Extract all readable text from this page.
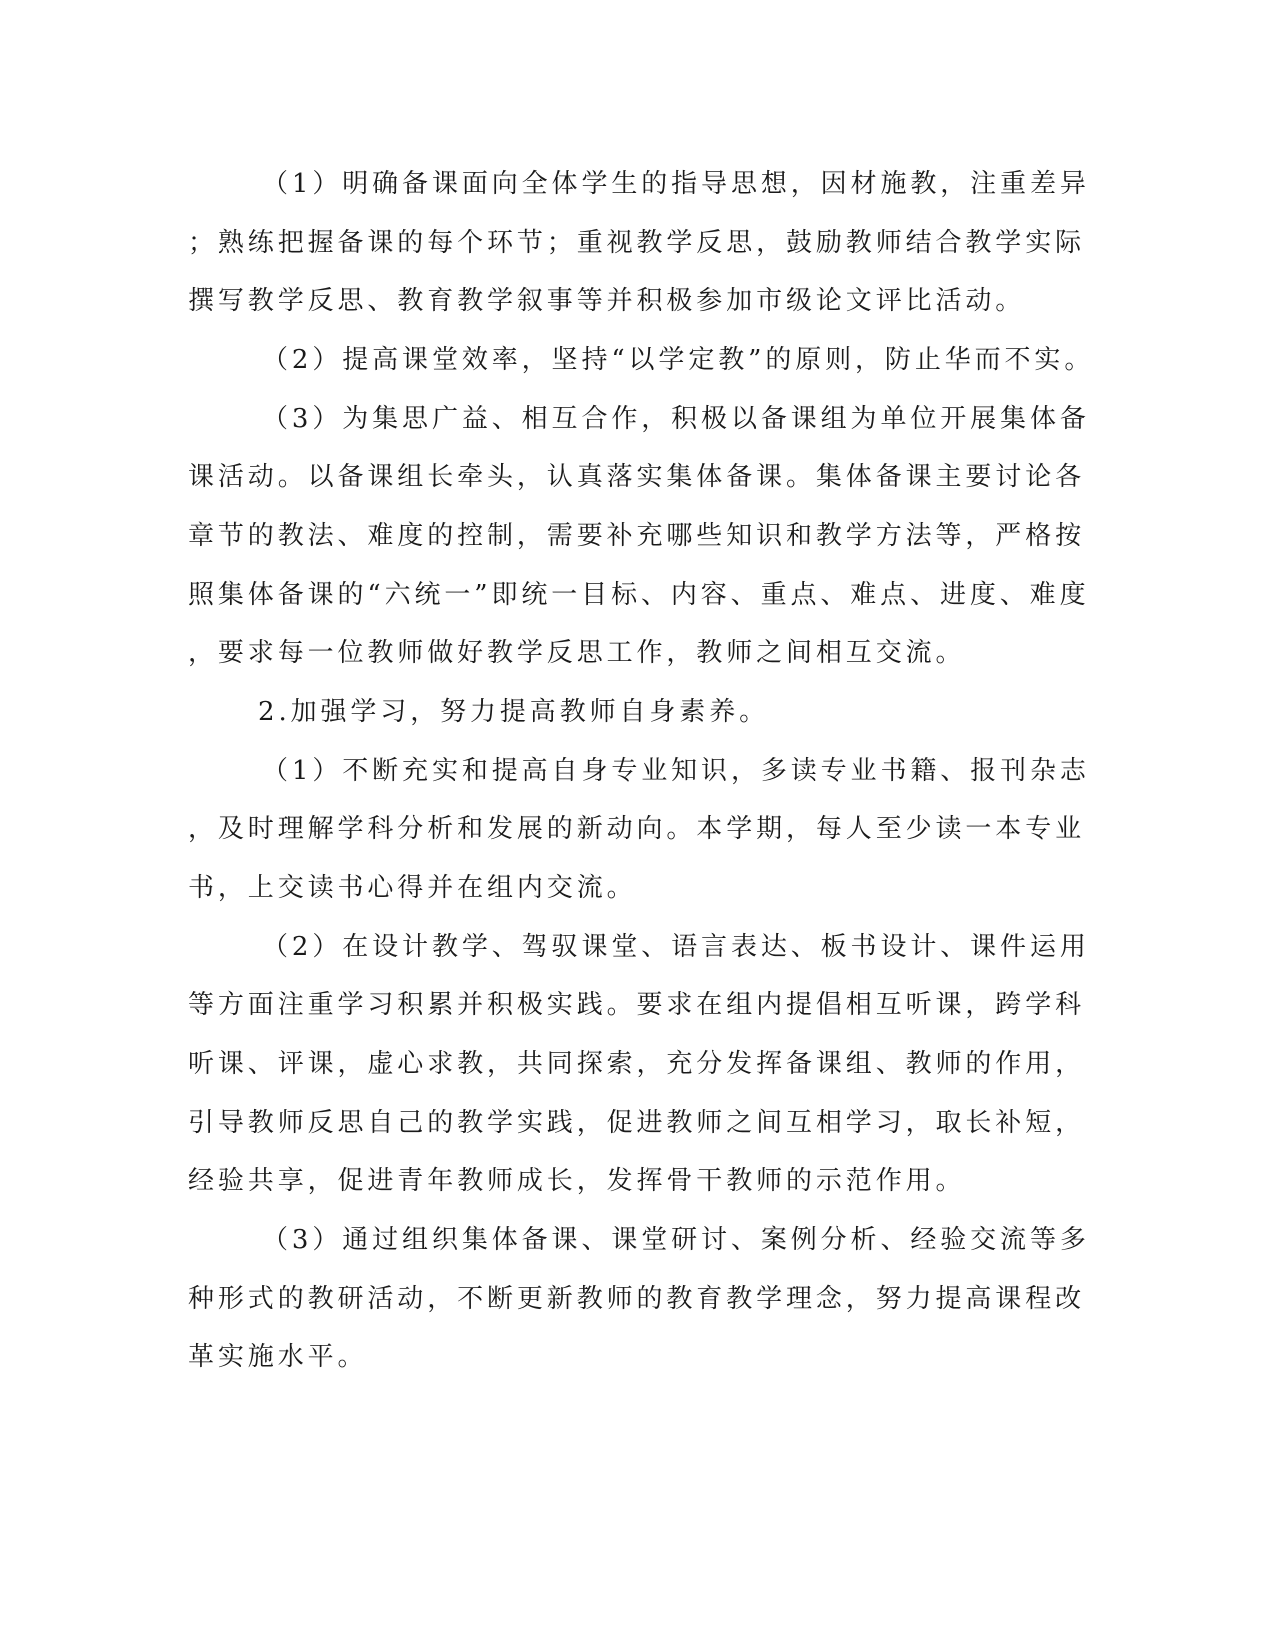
（1）明确备课面向全体学生的指导思想，因材施教，注重差异
；熟练把握备课的每个环节；重视教学反思，鼓励教师结合教学实际
撰写教学反思、教育教学叙事等并积极参加市级论文评比活动。
（2）提高课堂效率，坚持“以学定教”的原则，防止华而不实。
（3）为集思广益、相互合作，积极以备课组为单位开展集体备
课活动。以备课组长牵头，认真落实集体备课。集体备课主要讨论各
章节的教法、难度的控制，需要补充哪些知识和教学方法等，严格按
照集体备课的“六统一”即统一目标、内容、重点、难点、进度、难度
，要求每一位教师做好教学反思工作，教师之间相互交流。
2.加强学习，努力提高教师自身素养。
（1）不断充实和提高自身专业知识，多读专业书籍、报刊杂志
，及时理解学科分析和发展的新动向。本学期，每人至少读一本专业
书，上交读书心得并在组内交流。
（2）在设计教学、驾驭课堂、语言表达、板书设计、课件运用
等方面注重学习积累并积极实践。要求在组内提倡相互听课，跨学科
听课、评课，虚心求教，共同探索，充分发挥备课组、教师的作用，
引导教师反思自己的教学实践，促进教师之间互相学习，取长补短，
经验共享，促进青年教师成长，发挥骨干教师的示范作用。
（3）通过组织集体备课、课堂研讨、案例分析、经验交流等多
种形式的教研活动，不断更新教师的教育教学理念，努力提高课程改
革实施水平。
